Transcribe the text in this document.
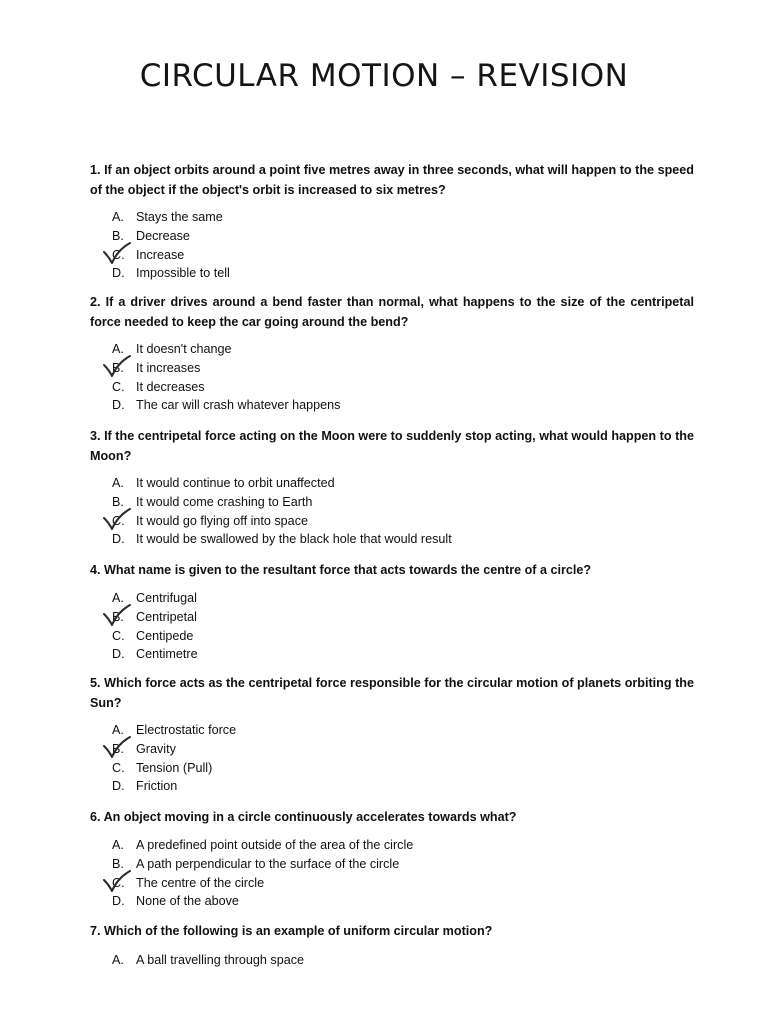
CIRCULAR MOTION – REVISION

1. If an object orbits around a point five metres away in three seconds, what will happen to the speed of the object if the object's orbit is increased to six metres?

A. Stays the same
B. Decrease
C. Increase
D. Impossible to tell

2. If a driver drives around a bend faster than normal, what happens to the size of the centripetal force needed to keep the car going around the bend?

A. It doesn't change
B. It increases
C. It decreases
D. The car will crash whatever happens

3. If the centripetal force acting on the Moon were to suddenly stop acting, what would happen to the Moon?

A. It would continue to orbit unaffected
B. It would come crashing to Earth
C. It would go flying off into space
D. It would be swallowed by the black hole that would result

4. What name is given to the resultant force that acts towards the centre of a circle?

A. Centrifugal
B. Centripetal
C. Centipede
D. Centimetre

5. Which force acts as the centripetal force responsible for the circular motion of planets orbiting the Sun?

A. Electrostatic force
B. Gravity
C. Tension (Pull)
D. Friction

6. An object moving in a circle continuously accelerates towards what?

A. A predefined point outside of the area of the circle
B. A path perpendicular to the surface of the circle
C. The centre of the circle
D. None of the above

7. Which of the following is an example of uniform circular motion?

A. A ball travelling through space
